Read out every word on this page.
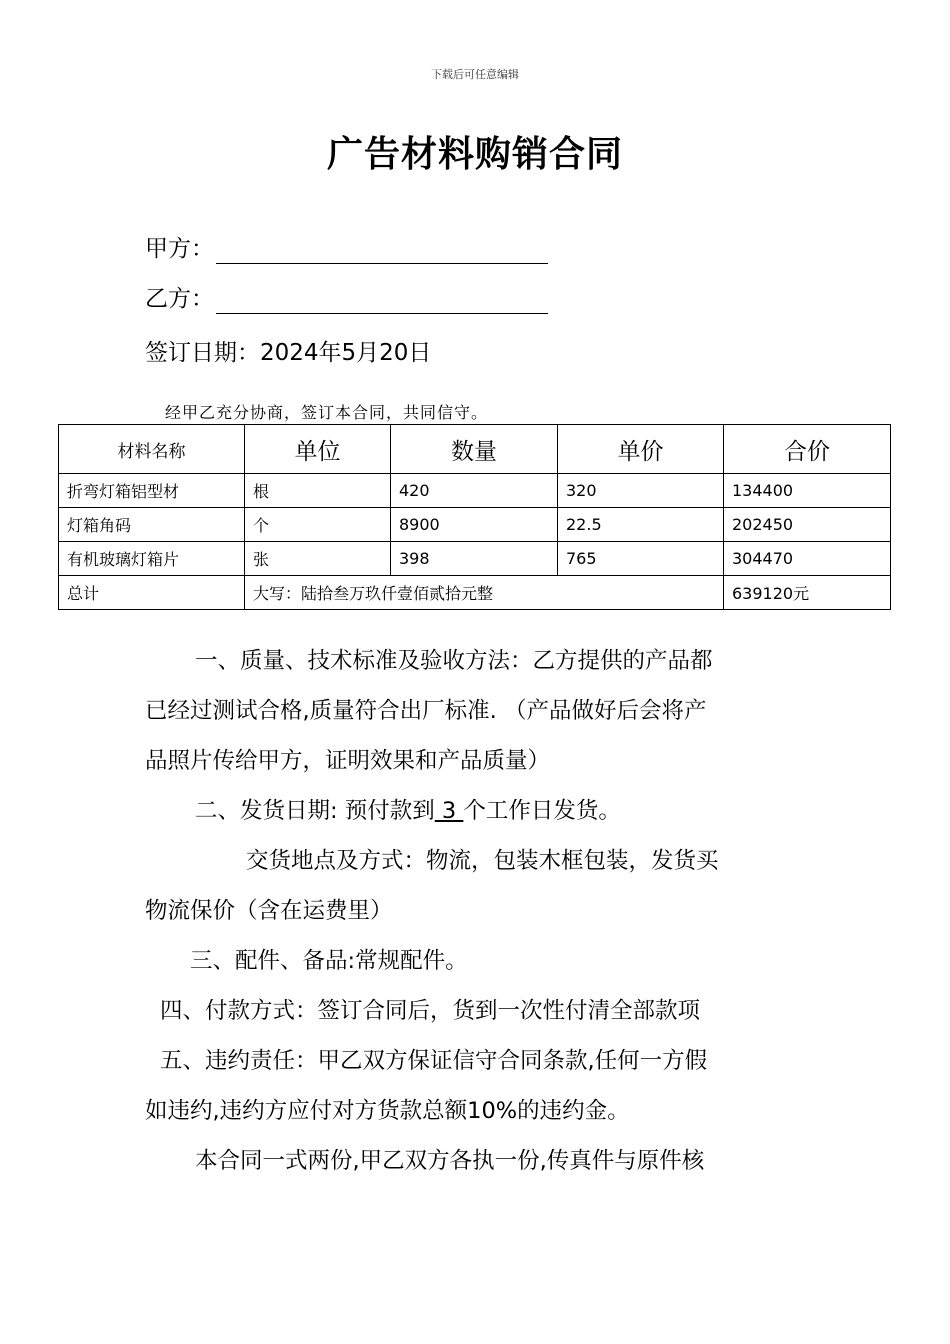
下载后可任意编辑
广告材料购销合同
甲方：
乙方：
签订日期：2024年5月20日
经甲乙充分协商，签订本合同，共同信守。
材料名称	单位	数量	单价	合价
折弯灯箱铝型材	根	420	320	134400
灯箱角码	个	8900	22.5	202450
有机玻璃灯箱片	张	398	765	304470
总计	大写：陆拾叁万玖仟壹佰贰拾元整			639120元
一、质量、技术标准及验收方法：乙方提供的产品都
已经过测试合格,质量符合出厂标准. （产品做好后会将产
品照片传给甲方，证明效果和产品质量）
二、发货日期: 预付款到 3 个工作日发货。
交货地点及方式：物流，包装木框包装，发货买
物流保价（含在运费里）
三、配件、备品:常规配件。
四、付款方式：签订合同后，货到一次性付清全部款项
五、违约责任：甲乙双方保证信守合同条款,任何一方假
如违约,违约方应付对方货款总额10%的违约金。
本合同一式两份,甲乙双方各执一份,传真件与原件核
